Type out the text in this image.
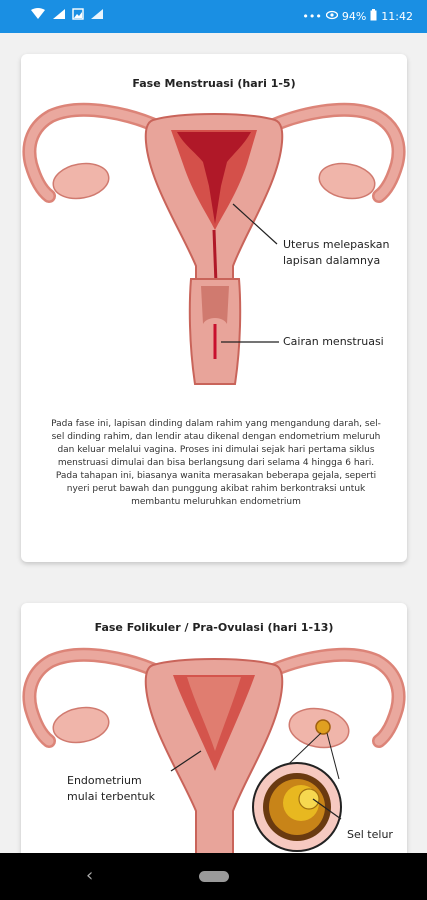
••• 94% 11:42
Fase Menstruasi (hari 1-5)
Uterus melepaskan
lapisan dalamnya
Cairan menstruasi
Pada fase ini, lapisan dinding dalam rahim yang mengandung darah, sel-sel dinding rahim, dan lendir atau dikenal dengan endometrium meluruh dan keluar melalui vagina. Proses ini dimulai sejak hari pertama siklus menstruasi dimulai dan bisa berlangsung dari selama 4 hingga 6 hari. Pada tahapan ini, biasanya wanita merasakan beberapa gejala, seperti nyeri perut bawah dan punggung akibat rahim berkontraksi untuk membantu meluruhkan endometrium
Fase Folikuler / Pra-Ovulasi (hari 1-13)
Endometrium
mulai terbentuk
Sel telur
‹
